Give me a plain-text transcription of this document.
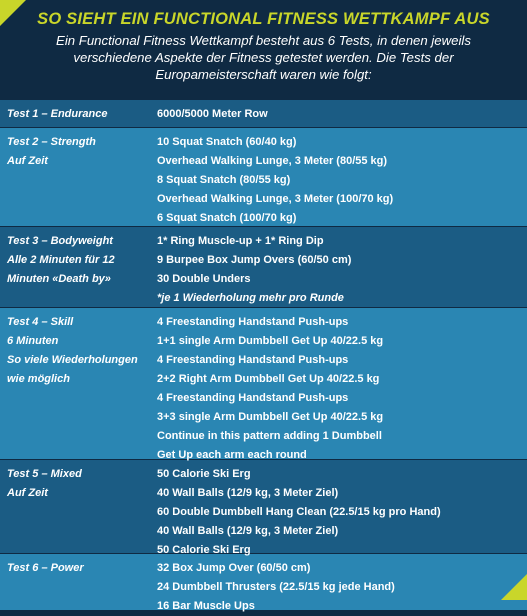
SO SIEHT EIN FUNCTIONAL FITNESS WETTKAMPF AUS
Ein Functional Fitness Wettkampf besteht aus 6 Tests, in denen jeweils
verschiedene Aspekte der Fitness getestet werden. Die Tests der
Europameisterschaft waren wie folgt:
Test 1 – Endurance	6000/5000 Meter Row
Test 2 – Strength
Auf Zeit
10 Squat Snatch (60/40 kg)
Overhead Walking Lunge, 3 Meter (80/55 kg)
8 Squat Snatch (80/55 kg)
Overhead Walking Lunge, 3 Meter (100/70 kg)
6 Squat Snatch (100/70 kg)
Test 3 – Bodyweight
Alle 2 Minuten für 12
Minuten «Death by»
1* Ring Muscle-up + 1* Ring Dip
9 Burpee Box Jump Overs (60/50 cm)
30 Double Unders
*je 1 Wiederholung mehr pro Runde
Test 4 – Skill
6 Minuten
So viele Wiederholungen
wie möglich
4 Freestanding Handstand Push-ups
1+1 single Arm Dumbbell Get Up 40/22.5 kg
4 Freestanding Handstand Push-ups
2+2 Right Arm Dumbbell Get Up 40/22.5 kg
4 Freestanding Handstand Push-ups
3+3 single Arm Dumbbell Get Up 40/22.5 kg
Continue in this pattern adding 1 Dumbbell
Get Up each arm each round
Test 5 – Mixed
Auf Zeit
50 Calorie Ski Erg
40 Wall Balls (12/9 kg, 3 Meter Ziel)
60 Double Dumbbell Hang Clean (22.5/15 kg pro Hand)
40 Wall Balls (12/9 kg, 3 Meter Ziel)
50 Calorie Ski Erg
Test 6 – Power	32 Box Jump Over (60/50 cm)
24 Dumbbell Thrusters (22.5/15 kg jede Hand)
16 Bar Muscle Ups
